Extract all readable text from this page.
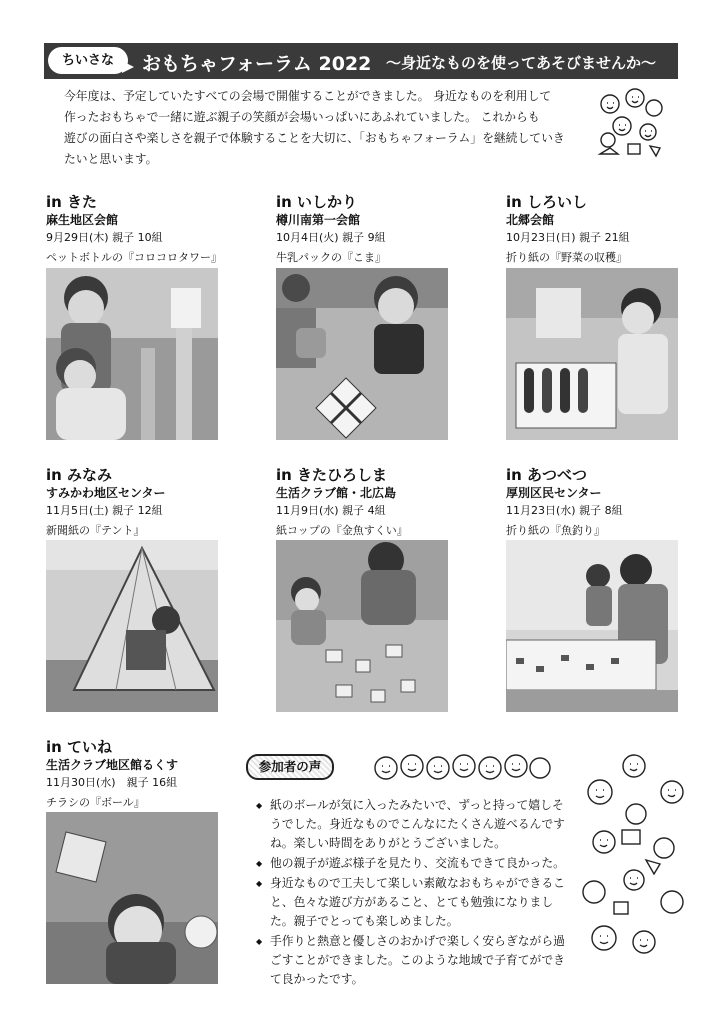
ちいさな	おもちゃフォーラム 2022 ～身近なものを使ってあそびませんか～

今年度は、予定していたすべての会場で開催することができました。 身近なものを利用して

作ったおもちゃで一緒に遊ぶ親子の笑顔が会場いっぱいにあふれていました。 これからも

遊びの面白さや楽しさを親子で体験することを大切に、「おもちゃフォーラム」を継続していき

たいと思います。

in きた
麻生地区会館
9月29日(木) 親子 10組
ペットボトルの『コロコロタワー』
in いしかり
樽川南第一会館
10月4日(火) 親子 9組
牛乳パックの『こま』
in しろいし
北郷会館
10月23日(日) 親子 21組
折り紙の『野菜の収穫』
in みなみ
すみかわ地区センター
11月5日(土) 親子 12組
新聞紙の『テント』
in きたひろしま
生活クラブ館・北広島
11月9日(水) 親子 4組
紙コップの『金魚すくい』
in あつべつ
厚別区民センター
11月23日(水) 親子 8組
折り紙の『魚釣り』
in ていね
生活クラブ地区館るくす
11月30日(水)　親子 16組
チラシの『ボール』
参加者の声
◆ 紙のボールが気に入ったみたいで、ずっと持って嬉しそうでした。身近なものでこんなにたくさん遊べるんですね。楽しい時間をありがとうございました。
◆ 他の親子が遊ぶ様子を見たり、交流もできて良かった。
◆ 身近なもので工夫して楽しい素敵なおもちゃができること、色々な遊び方があること、とても勉強になりました。親子でとっても楽しめました。
◆ 手作りと熱意と優しさのおかげで楽しく安らぎながら過ごすことができました。このような地域で子育てができて良かったです。
